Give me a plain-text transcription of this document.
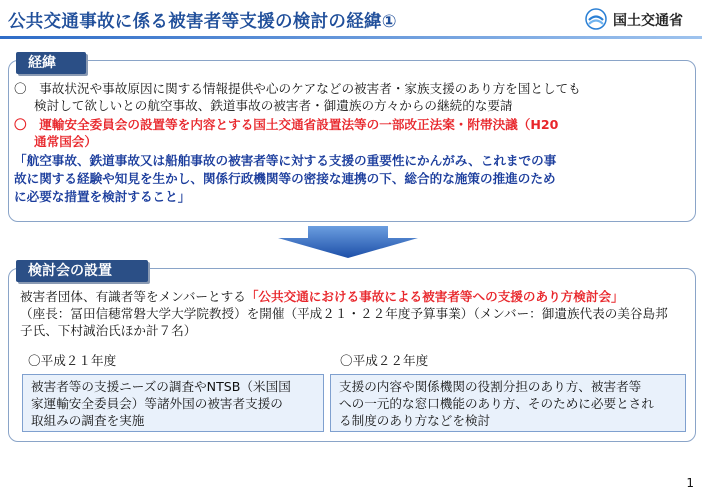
公共交通事故に係る被害者等支援の検討の経緯①	国土交通省
経緯
〇　事故状況や事故原因に関する情報提供や心のケアなどの被害者・家族支援のあり方を国としても
検討して欲しいとの航空事故、鉄道事故の被害者・御遺族の方々からの継続的な要請
〇　運輸安全委員会の設置等を内容とする国土交通省設置法等の一部改正法案・附帯決議（H20
通常国会）
「航空事故、鉄道事故又は船舶事故の被害者等に対する支援の重要性にかんがみ、これまでの事
故に関する経験や知見を生かし、関係行政機関等の密接な連携の下、総合的な施策の推進のため
に必要な措置を検討すること」
検討会の設置
被害者団体、有識者等をメンバーとする「公共交通における事故による被害者等への支援のあり方検討会」
（座長：冨田信穂常磐大学大学院教授）を開催（平成２１・２２年度予算事業）（メンバー：御遺族代表の美谷島邦
子氏、下村誠治氏ほか計７名）
〇平成２１年度	〇平成２２年度
被害者等の支援ニーズの調査やNTSB（米国国
家運輸安全委員会）等諸外国の被害者支援の
取組みの調査を実施
支援の内容や関係機関の役割分担のあり方、被害者等
への一元的な窓口機能のあり方、そのために必要とされ
る制度のあり方などを検討
1
